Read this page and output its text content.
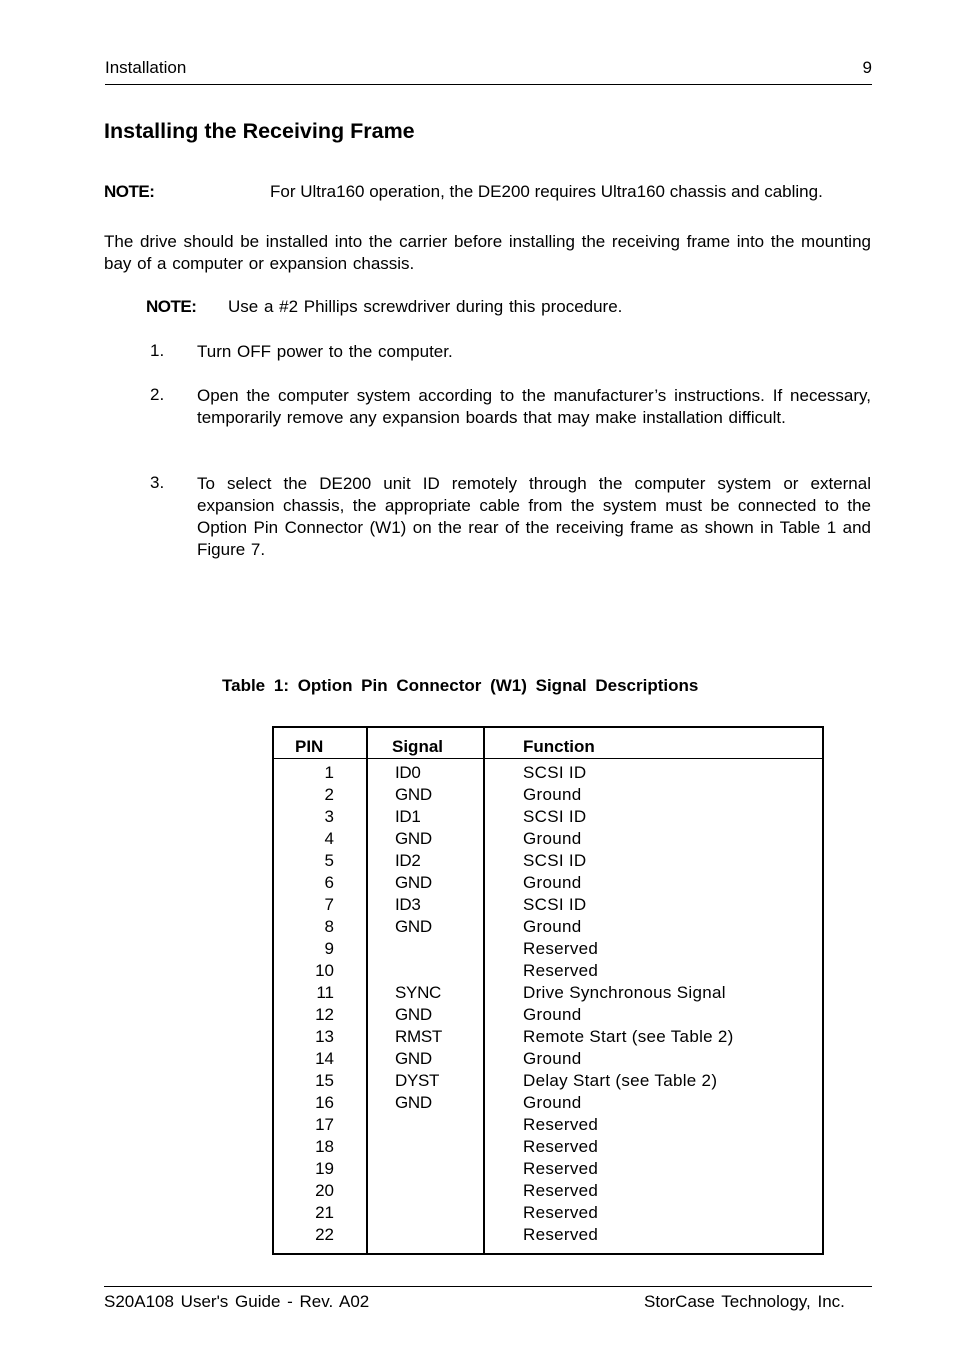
Installation	9
Installing the Receiving Frame
NOTE:	For Ultra160 operation, the DE200 requires Ultra160 chassis and cabling.
The drive should be installed into the carrier before installing the receiving frame into the mounting bay of a computer or expansion chassis.
NOTE: Use a #2 Phillips screwdriver during this procedure.
1. Turn OFF power to the computer.
2. Open the computer system according to the manufacturer’s instructions. If necessary, temporarily remove any expansion boards that may make installation difficult.
3. To select the DE200 unit ID remotely through the computer system or external expansion chassis, the appropriate cable from the system must be connected to the Option Pin Connector (W1) on the rear of the receiving frame as shown in Table 1 and Figure 7.
Table 1: Option Pin Connector (W1) Signal Descriptions
PIN	Signal	Function
1	ID0	SCSI ID
2	GND	Ground
3	ID1	SCSI ID
4	GND	Ground
5	ID2	SCSI ID
6	GND	Ground
7	ID3	SCSI ID
8	GND	Ground
9		Reserved
10		Reserved
11	SYNC	Drive Synchronous Signal
12	GND	Ground
13	RMST	Remote Start (see Table 2)
14	GND	Ground
15	DYST	Delay Start (see Table 2)
16	GND	Ground
17		Reserved
18		Reserved
19		Reserved
20		Reserved
21		Reserved
22		Reserved

S20A108 User's Guide - Rev. A02	StorCase Technology, Inc.
